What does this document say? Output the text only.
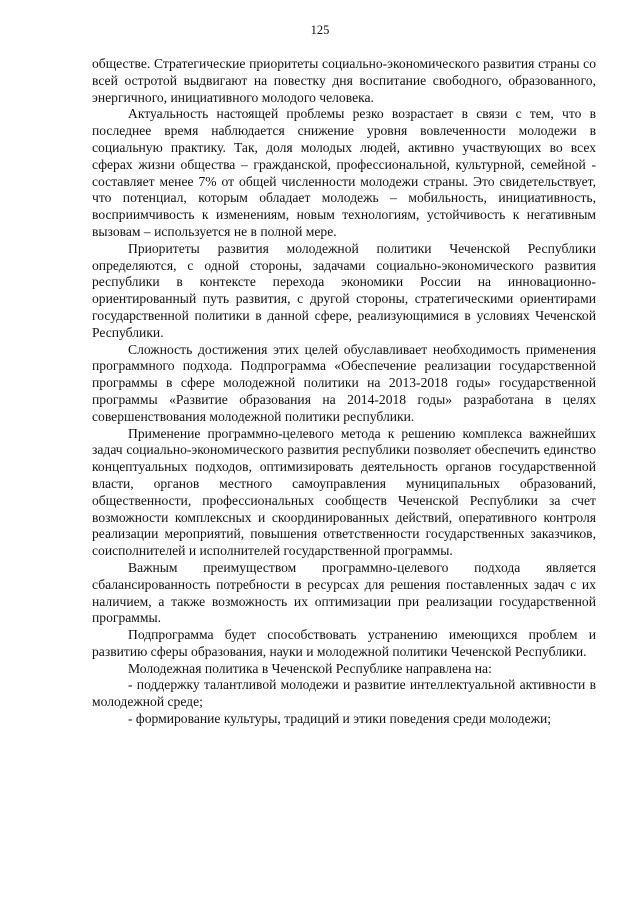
125

обществе. Стратегические приоритеты социально-экономического развития страны со всей остротой выдвигают на повестку дня воспитание свободного, образованного, энергичного, инициативного молодого человека.

Актуальность настоящей проблемы резко возрастает в связи с тем, что в последнее время наблюдается снижение уровня вовлеченности молодежи в социальную практику. Так, доля молодых людей, активно участвующих во всех сферах жизни общества – гражданской, профессиональной, культурной, семейной - составляет менее 7% от общей численности молодежи страны. Это свидетельствует, что потенциал, которым обладает молодежь – мобильность, инициативность, восприимчивость к изменениям, новым технологиям, устойчивость к негативным вызовам – используется не в полной мере.

Приоритеты развития молодежной политики Чеченской Республики определяются, с одной стороны, задачами социально-экономического развития республики в контексте перехода экономики России на инновационно-ориентированный путь развития, с другой стороны, стратегическими ориентирами государственной политики в данной сфере, реализующимися в условиях Чеченской Республики.

Сложность достижения этих целей обуславливает необходимость применения программного подхода. Подпрограмма «Обеспечение реализации государственной программы в сфере молодежной политики на 2013-2018 годы» государственной программы «Развитие образования на 2014-2018 годы» разработана в целях совершенствования молодежной политики республики.

Применение программно-целевого метода к решению комплекса важнейших задач социально-экономического развития республики позволяет обеспечить единство концептуальных подходов, оптимизировать деятельность органов государственной власти, органов местного самоуправления муниципальных образований, общественности, профессиональных сообществ Чеченской Республики за счет возможности комплексных и скоординированных действий, оперативного контроля реализации мероприятий, повышения ответственности государственных заказчиков, соисполнителей и исполнителей государственной программы.

Важным преимуществом программно-целевого подхода является сбалансированность потребности в ресурсах для решения поставленных задач с их наличием, а также возможность их оптимизации при реализации государственной программы.

Подпрограмма будет способствовать устранению имеющихся проблем и развитию сферы образования, науки и молодежной политики Чеченской Республики.

Молодежная политика в Чеченской Республике направлена на:

- поддержку талантливой молодежи и развитие интеллектуальной активности в молодежной среде;

- формирование культуры, традиций и этики поведения среди молодежи;
